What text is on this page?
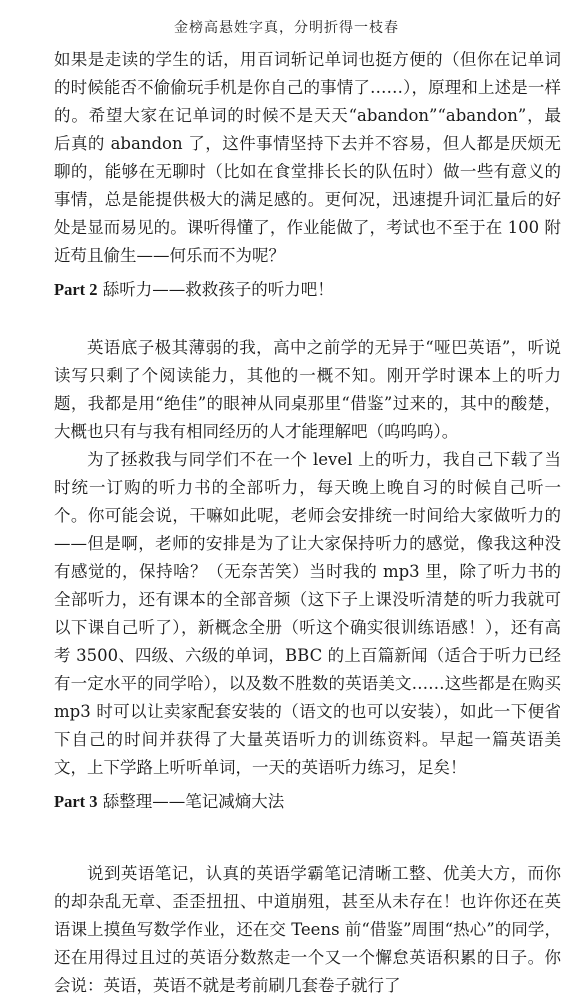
金榜高悬姓字真，分明折得一枝春

如果是走读的学生的话，用百词斩记单词也挺方便的（但你在记单词的时候能否不偷偷玩手机是你自己的事情了……），原理和上述是一样的。希望大家在记单词的时候不是天天“abandon”“abandon”，最后真的 abandon 了，这件事情坚持下去并不容易，但人都是厌烦无聊的，能够在无聊时（比如在食堂排长长的队伍时）做一些有意义的事情，总是能提供极大的满足感的。更何况，迅速提升词汇量后的好处是显而易见的。课听得懂了，作业能做了，考试也不至于在 100 附近苟且偷生——何乐而不为呢？

Part 2 舔听力——救救孩子的听力吧！

英语底子极其薄弱的我，高中之前学的无异于“哑巴英语”，听说读写只剩了个阅读能力，其他的一概不知。刚开学时课本上的听力题，我都是用“绝佳”的眼神从同桌那里“借鉴”过来的，其中的酸楚，大概也只有与我有相同经历的人才能理解吧（呜呜呜）。

为了拯救我与同学们不在一个 level 上的听力，我自己下载了当时统一订购的听力书的全部听力，每天晚上晚自习的时候自己听一个。你可能会说，干嘛如此呢，老师会安排统一时间给大家做听力的——但是啊，老师的安排是为了让大家保持听力的感觉，像我这种没有感觉的，保持啥？（无奈苦笑）当时我的 mp3 里，除了听力书的全部听力，还有课本的全部音频（这下子上课没听清楚的听力我就可以下课自己听了），新概念全册（听这个确实很训练语感！），还有高考 3500、四级、六级的单词，BBC 的上百篇新闻（适合于听力已经有一定水平的同学哈），以及数不胜数的英语美文……这些都是在购买 mp3 时可以让卖家配套安装的（语文的也可以安装），如此一下便省下自己的时间并获得了大量英语听力的训练资料。早起一篇英语美文，上下学路上听听单词，一天的英语听力练习，足矣！

Part 3 舔整理——笔记减熵大法

说到英语笔记，认真的英语学霸笔记清晰工整、优美大方，而你的却杂乱无章、歪歪扭扭、中道崩殂，甚至从未存在！也许你还在英语课上摸鱼写数学作业，还在交 Teens 前“借鉴”周围“热心”的同学，还在用得过且过的英语分数熬走一个又一个懈怠英语积累的日子。你会说：英语，英语不就是考前刷几套卷子就行了
